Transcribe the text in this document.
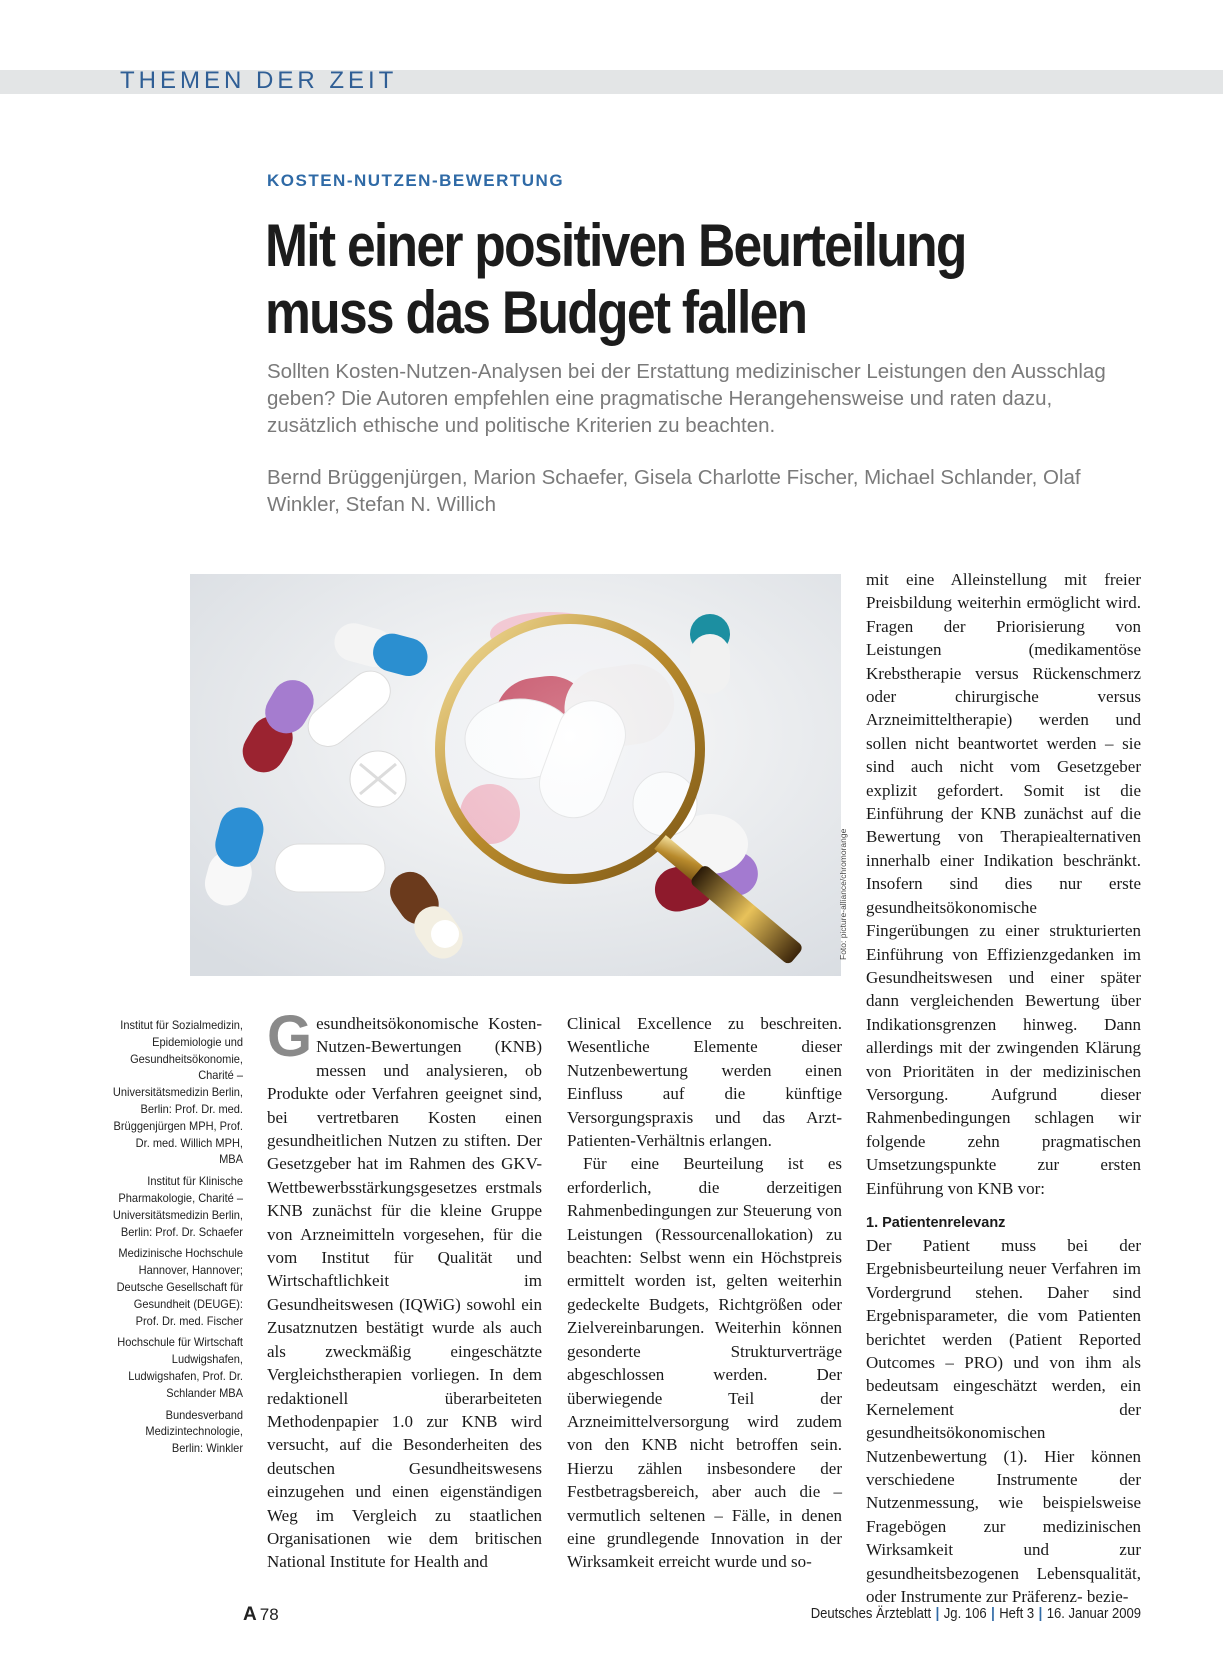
THEMEN DER ZEIT
KOSTEN-NUTZEN-BEWERTUNG
Mit einer positiven Beurteilung
muss das Budget fallen
Sollten Kosten-Nutzen-Analysen bei der Erstattung medizinischer Leistungen den Ausschlag geben? Die Autoren empfehlen eine pragmatische Herangehensweise und raten dazu, zusätzlich ethische und politische Kriterien zu beachten.
Bernd Brüggenjürgen, Marion Schaefer, Gisela Charlotte Fischer, Michael Schlander, Olaf Winkler, Stefan N. Willich
Foto: picture-alliance/chromorange

Institut für Sozialmedizin, Epidemiologie und Gesundheitsökonomie, Charité – Universitätsmedizin Berlin, Berlin: Prof. Dr. med. Brüggenjürgen MPH, Prof. Dr. med. Willich MPH, MBA

Institut für Klinische Pharmakologie, Charité – Universitätsmedizin Berlin, Berlin: Prof. Dr. Schaefer

Medizinische Hochschule Hannover, Hannover; Deutsche Gesellschaft für Gesundheit (DEUGE): Prof. Dr. med. Fischer

Hochschule für Wirtschaft Ludwigshafen, Ludwigshafen, Prof. Dr. Schlander MBA

Bundesverband Medizintechnologie, Berlin: Winkler

Gesundheitsökonomische Kosten-Nutzen-Bewertungen (KNB) messen und analysieren, ob Produkte oder Verfahren geeignet sind, bei vertretbaren Kosten einen gesundheitlichen Nutzen zu stiften. Der Gesetzgeber hat im Rahmen des GKV-Wettbewerbsstärkungsgesetzes erstmals KNB zunächst für die kleine Gruppe von Arzneimitteln vorgesehen, für die vom Institut für Qualität und Wirtschaftlichkeit im Gesundheitswesen (IQWiG) sowohl ein Zusatznutzen bestätigt wurde als auch als zweckmäßig eingeschätzte Vergleichstherapien vorliegen. In dem redaktionell überarbeiteten Methodenpapier 1.0 zur KNB wird versucht, auf die Besonderheiten des deutschen Gesundheitswesens einzugehen und einen eigenständigen Weg im Vergleich zu staatlichen Organisationen wie dem britischen National Institute for Health and

Clinical Excellence zu beschreiten. Wesentliche Elemente dieser Nutzenbewertung werden einen Einfluss auf die künftige Versorgungspraxis und das Arzt-Patienten-Verhältnis erlangen.

Für eine Beurteilung ist es erforderlich, die derzeitigen Rahmenbedingungen zur Steuerung von Leistungen (Ressourcenallokation) zu beachten: Selbst wenn ein Höchstpreis ermittelt worden ist, gelten weiterhin gedeckelte Budgets, Richtgrößen oder Zielvereinbarungen. Weiterhin können gesonderte Strukturverträge abgeschlossen werden. Der überwiegende Teil der Arzneimittelversorgung wird zudem von den KNB nicht betroffen sein. Hierzu zählen insbesondere der Festbetragsbereich, aber auch die – vermutlich seltenen – Fälle, in denen eine grundlegende Innovation in der Wirksamkeit erreicht wurde und so-

mit eine Alleinstellung mit freier Preisbildung weiterhin ermöglicht wird. Fragen der Priorisierung von Leistungen (medikamentöse Krebstherapie versus Rückenschmerz oder chirurgische versus Arzneimitteltherapie) werden und sollen nicht beantwortet werden – sie sind auch nicht vom Gesetzgeber explizit gefordert. Somit ist die Einführung der KNB zunächst auf die Bewertung von Therapiealternativen innerhalb einer Indikation beschränkt. Insofern sind dies nur erste gesundheitsökonomische Fingerübungen zu einer strukturierten Einführung von Effizienzgedanken im Gesundheitswesen und einer später dann vergleichenden Bewertung über Indikationsgrenzen hinweg. Dann allerdings mit der zwingenden Klärung von Prioritäten in der medizinischen Versorgung. Aufgrund dieser Rahmenbedingungen schlagen wir folgende zehn pragmatischen Umsetzungspunkte zur ersten Einführung von KNB vor:

1. Patientenrelevanz

Der Patient muss bei der Ergebnisbeurteilung neuer Verfahren im Vordergrund stehen. Daher sind Ergebnisparameter, die vom Patienten berichtet werden (Patient Reported Outcomes – PRO) und von ihm als bedeutsam eingeschätzt werden, ein Kernelement der gesundheitsökonomischen Nutzenbewertung (1). Hier können verschiedene Instrumente der Nutzenmessung, wie beispielsweise Fragebögen zur medizinischen Wirksamkeit und zur gesundheitsbezogenen Lebensqualität, oder Instrumente zur Präferenz- bezie-

A 78	Deutsches Ärzteblatt | Jg. 106 | Heft 3 | 16. Januar 2009
